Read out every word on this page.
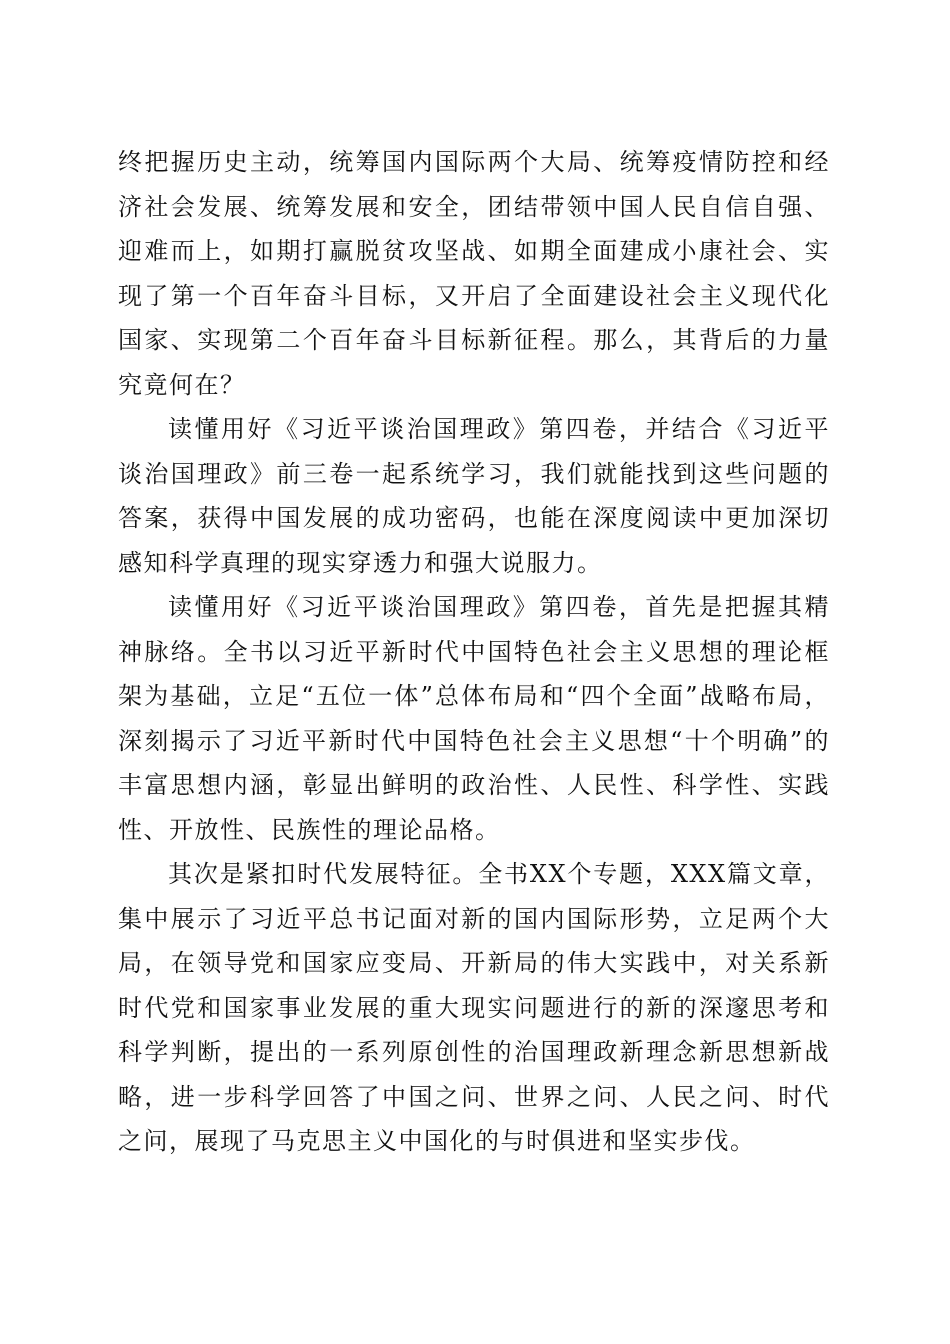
终把握历史主动，统筹国内国际两个大局、统筹疫情防控和经济社会发展、统筹发展和安全，团结带领中国人民自信自强、迎难而上，如期打赢脱贫攻坚战、如期全面建成小康社会、实现了第一个百年奋斗目标，又开启了全面建设社会主义现代化国家、实现第二个百年奋斗目标新征程。那么，其背后的力量究竟何在？

读懂用好《习近平谈治国理政》第四卷，并结合《习近平谈治国理政》前三卷一起系统学习，我们就能找到这些问题的答案，获得中国发展的成功密码，也能在深度阅读中更加深切感知科学真理的现实穿透力和强大说服力。

读懂用好《习近平谈治国理政》第四卷，首先是把握其精神脉络。全书以习近平新时代中国特色社会主义思想的理论框架为基础，立足“五位一体”总体布局和“四个全面”战略布局，深刻揭示了习近平新时代中国特色社会主义思想“十个明确”的丰富思想内涵，彰显出鲜明的政治性、人民性、科学性、实践性、开放性、民族性的理论品格。

其次是紧扣时代发展特征。全书XX个专题，XXX篇文章，集中展示了习近平总书记面对新的国内国际形势，立足两个大局，在领导党和国家应变局、开新局的伟大实践中，对关系新时代党和国家事业发展的重大现实问题进行的新的深邃思考和科学判断，提出的一系列原创性的治国理政新理念新思想新战略，进一步科学回答了中国之问、世界之问、人民之问、时代之问，展现了马克思主义中国化的与时俱进和坚实步伐。
